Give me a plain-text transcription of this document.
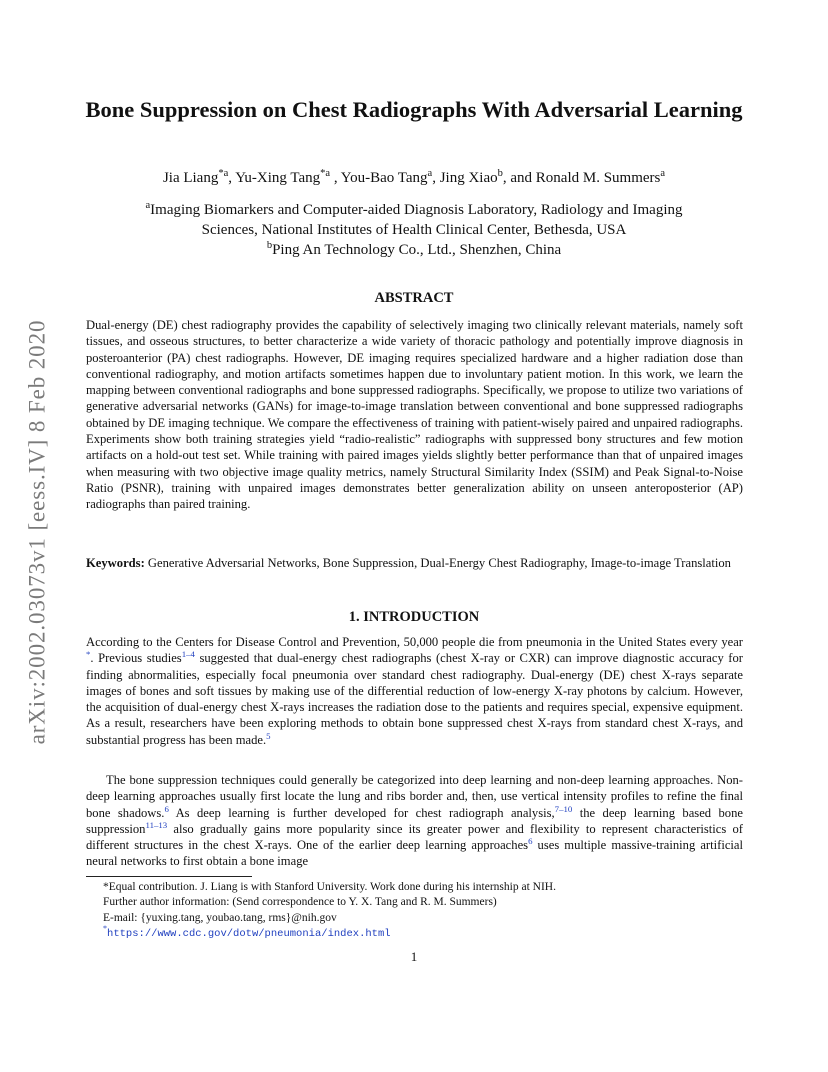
arXiv:2002.03073v1 [eess.IV] 8 Feb 2020
Bone Suppression on Chest Radiographs With Adversarial Learning
Jia Liang$^{*a}$, Yu-Xing Tang$^{*a}$ , You-Bao Tang$^a$, Jing Xiao$^b$, and Ronald M. Summers$^a$
$^a$Imaging Biomarkers and Computer-aided Diagnosis Laboratory, Radiology and Imaging
Sciences, National Institutes of Health Clinical Center, Bethesda, USA
$^b$Ping An Technology Co., Ltd., Shenzhen, China
ABSTRACT

Dual-energy (DE) chest radiography provides the capability of selectively imaging two clinically relevant materials, namely soft tissues, and osseous structures, to better characterize a wide variety of thoracic pathology and potentially improve diagnosis in posteroanterior (PA) chest radiographs. However, DE imaging requires specialized hardware and a higher radiation dose than conventional radiography, and motion artifacts sometimes happen due to involuntary patient motion. In this work, we learn the mapping between conventional radiographs and bone suppressed radiographs. Specifically, we propose to utilize two variations of generative adversarial networks (GANs) for image-to-image translation between conventional and bone suppressed radiographs obtained by DE imaging technique. We compare the effectiveness of training with patient-wisely paired and unpaired radiographs. Experiments show both training strategies yield “radio-realistic” radiographs with suppressed bony structures and few motion artifacts on a hold-out test set. While training with paired images yields slightly better performance than that of unpaired images when measuring with two objective image quality metrics, namely Structural Similarity Index (SSIM) and Peak Signal-to-Noise Ratio (PSNR), training with unpaired images demonstrates better generalization ability on unseen anteroposterior (AP) radiographs than paired training.

Keywords: Generative Adversarial Networks, Bone Suppression, Dual-Energy Chest Radiography, Image-to-image Translation

1. INTRODUCTION

According to the Centers for Disease Control and Prevention, 50,000 people die from pneumonia in the United States every year *. Previous studies$^{1-4}$ suggested that dual-energy chest radiographs (chest X-ray or CXR) can improve diagnostic accuracy for finding abnormalities, especially focal pneumonia over standard chest radiography. Dual-energy (DE) chest X-rays separate images of bones and soft tissues by making use of the differential reduction of low-energy X-ray photons by calcium. However, the acquisition of dual-energy chest X-rays increases the radiation dose to the patients and requires special, expensive equipment. As a result, researchers have been exploring methods to obtain bone suppressed chest X-rays from standard chest X-rays, and substantial progress has been made.$^5$

The bone suppression techniques could generally be categorized into deep learning and non-deep learning approaches. Non-deep learning approaches usually first locate the lung and ribs border and, then, use vertical intensity profiles to refine the final bone shadows.$^6$ As deep learning is further developed for chest radiograph analysis,$^{7-10}$ the deep learning based bone suppression$^{11-13}$ also gradually gains more popularity since its greater power and flexibility to represent characteristics of different structures in the chest X-rays. One of the earlier deep learning approaches$^6$ uses multiple massive-training artificial neural networks to first obtain a bone image

*Equal contribution. J. Liang is with Stanford University. Work done during his internship at NIH.
Further author information: (Send correspondence to Y. X. Tang and R. M. Summers)
E-mail: {yuxing.tang, youbao.tang, rms}@nih.gov
*https://www.cdc.gov/dotw/pneumonia/index.html
1
